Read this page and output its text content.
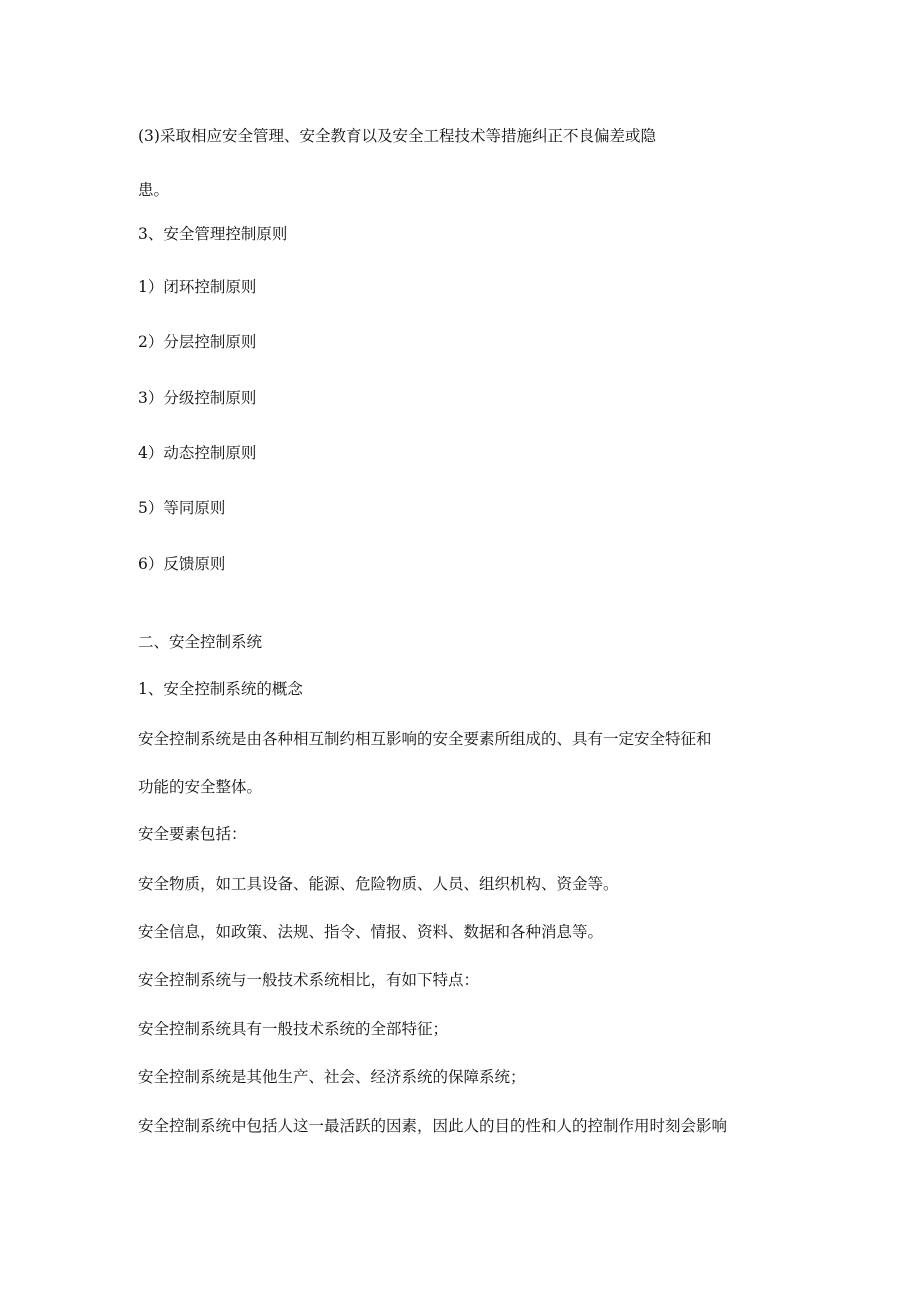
(3)采取相应安全管理、安全教育以及安全工程技术等措施纠正不良偏差或隐
患。
3、安全管理控制原则
1）闭环控制原则
2）分层控制原则
3）分级控制原则
4）动态控制原则
5）等同原则
6）反馈原则
二、安全控制系统
1、安全控制系统的概念
安全控制系统是由各种相互制约相互影响的安全要素所组成的、具有一定安全特征和
功能的安全整体。
安全要素包括：
安全物质，如工具设备、能源、危险物质、人员、组织机构、资金等。
安全信息，如政策、法规、指令、情报、资料、数据和各种消息等。
安全控制系统与一般技术系统相比，有如下特点：
安全控制系统具有一般技术系统的全部特征；
安全控制系统是其他生产、社会、经济系统的保障系统；
安全控制系统中包括人这一最活跃的因素，因此人的目的性和人的控制作用时刻会影响
